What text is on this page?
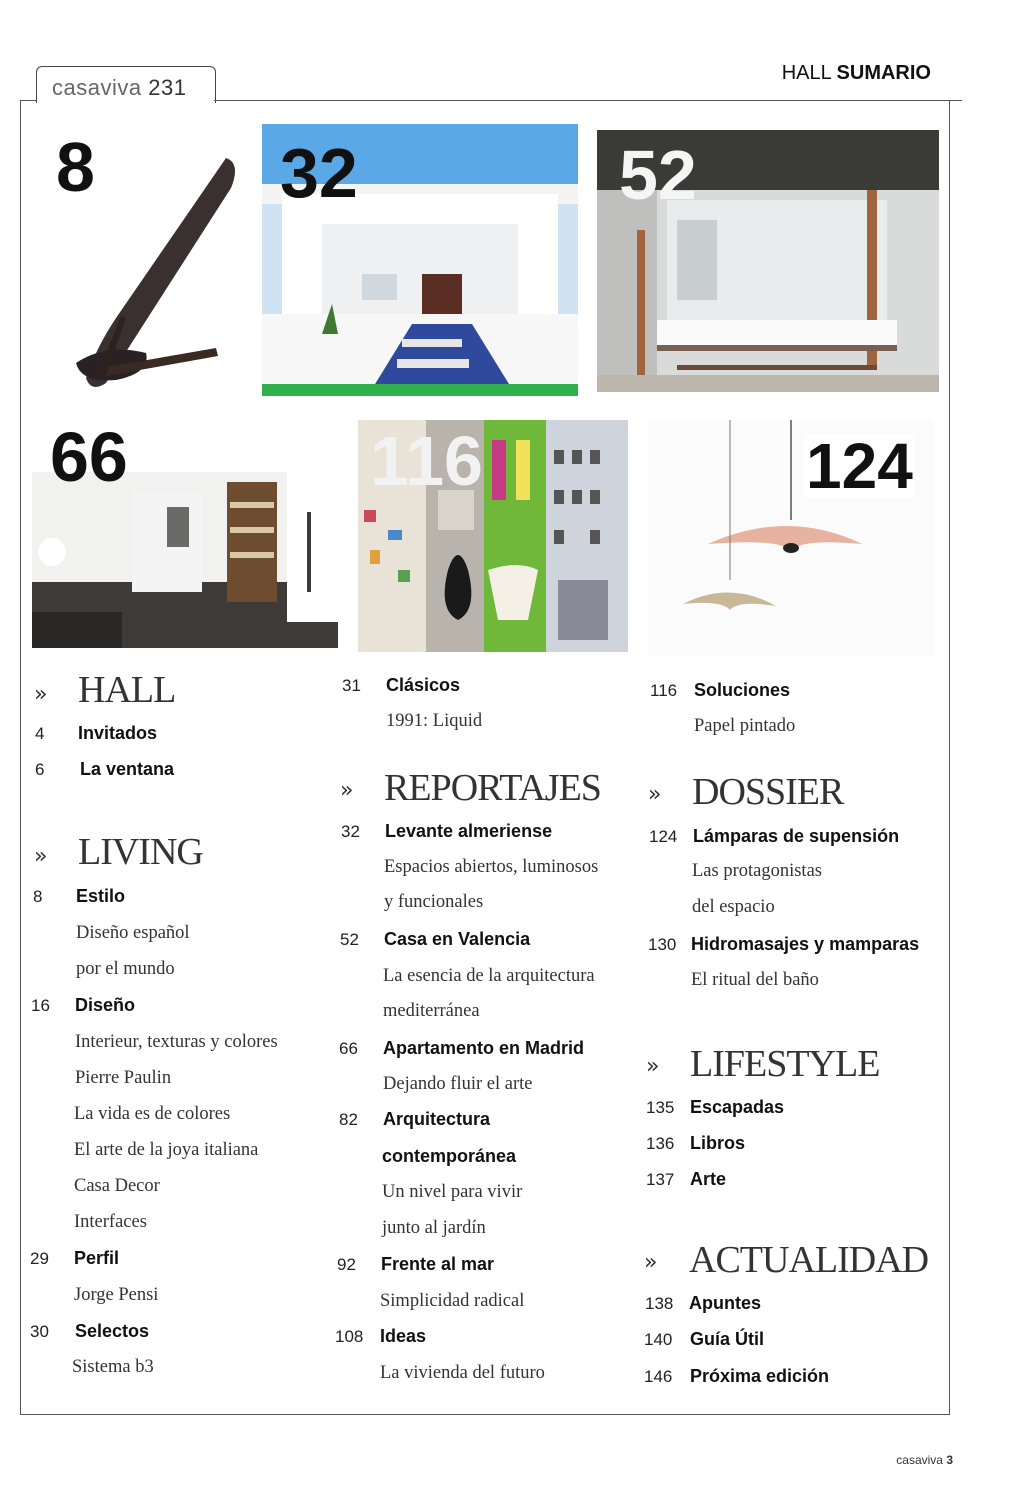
casaviva 231
HALL SUMARIO
8	32	52
66	116	124
» HALL
4 Invitados
6 La ventana
» LIVING
8 Estilo
Diseño español
por el mundo
16 Diseño
Interieur, texturas y colores
Pierre Paulin
La vida es de colores
El arte de la joya italiana
Casa Decor
Interfaces
29 Perfil
Jorge Pensi
30 Selectos
Sistema b3
31 Clásicos
1991: Liquid
» REPORTAJES
32 Levante almeriense
Espacios abiertos, luminosos
y funcionales
52 Casa en Valencia
La esencia de la arquitectura
mediterránea
66 Apartamento en Madrid
Dejando fluir el arte
82 Arquitectura
contemporánea
Un nivel para vivir
junto al jardín
92 Frente al mar
Simplicidad radical
108 Ideas
La vivienda del futuro
116 Soluciones
Papel pintado
» DOSSIER
124 Lámparas de supensión
Las protagonistas
del espacio
130 Hidromasajes y mamparas
El ritual del baño
» LIFESTYLE
135 Escapadas
136 Libros
137 Arte
» ACTUALIDAD
138 Apuntes
140 Guía Útil
146 Próxima edición
casaviva 3
